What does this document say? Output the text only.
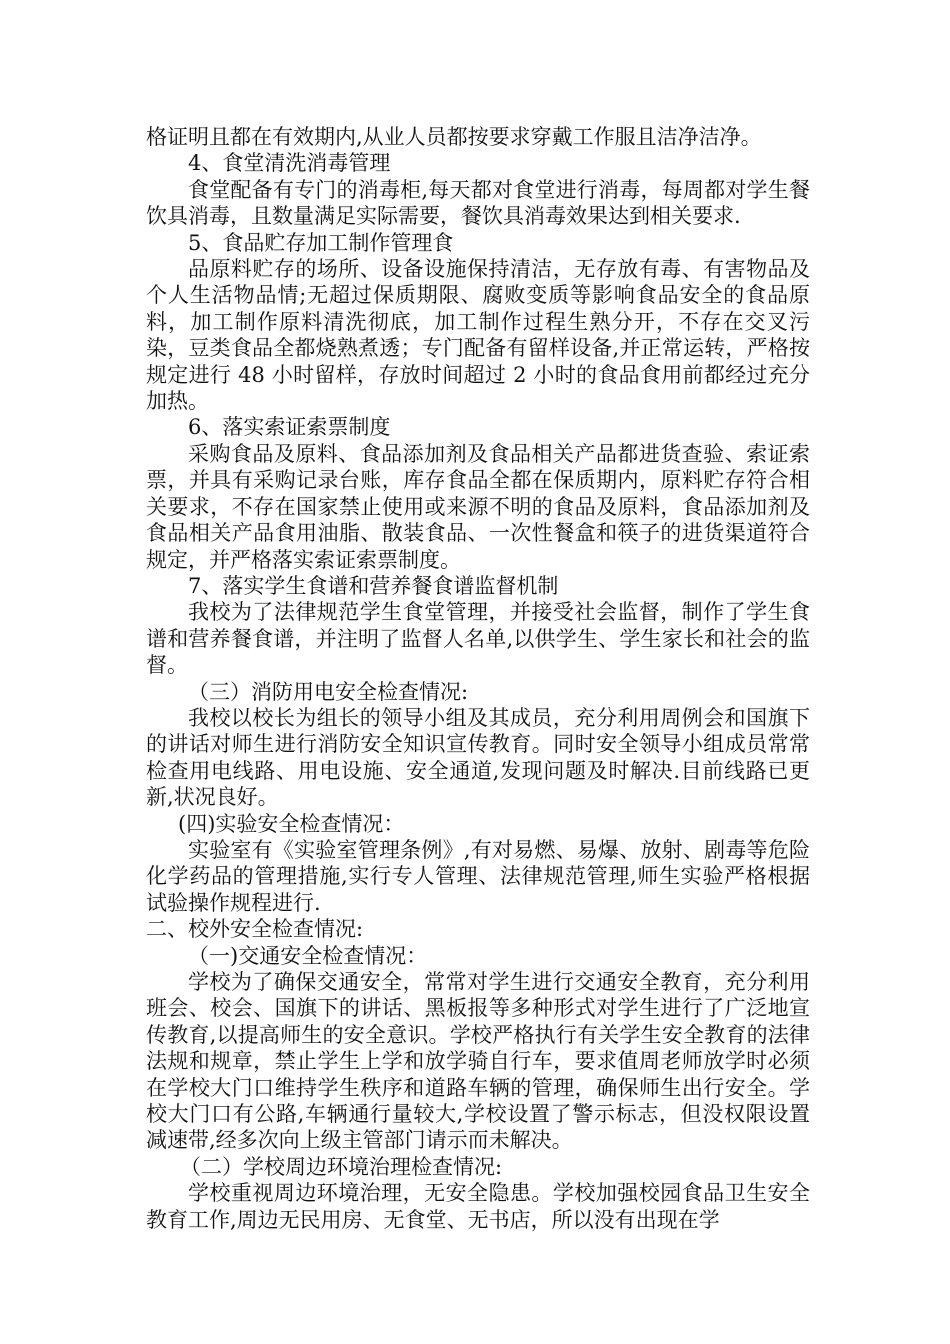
格证明且都在有效期内,从业人员都按要求穿戴工作服且洁净洁净。

4、食堂清洗消毒管理

食堂配备有专门的消毒柜,每天都对食堂进行消毒，每周都对学生餐饮具消毒，且数量满足实际需要，餐饮具消毒效果达到相关要求.

5、食品贮存加工制作管理食

品原料贮存的场所、设备设施保持清洁，无存放有毒、有害物品及个人生活物品情;无超过保质期限、腐败变质等影响食品安全的食品原料，加工制作原料清洗彻底，加工制作过程生熟分开，不存在交叉污染，豆类食品全都烧熟煮透；专门配备有留样设备,并正常运转，严格按规定进行 48 小时留样，存放时间超过 2 小时的食品食用前都经过充分加热。

6、落实索证索票制度

采购食品及原料、食品添加剂及食品相关产品都进货查验、索证索票，并具有采购记录台账，库存食品全都在保质期内，原料贮存符合相关要求，不存在国家禁止使用或来源不明的食品及原料，食品添加剂及食品相关产品食用油脂、散装食品、一次性餐盒和筷子的进货渠道符合规定，并严格落实索证索票制度。

7、落实学生食谱和营养餐食谱监督机制

我校为了法律规范学生食堂管理，并接受社会监督，制作了学生食谱和营养餐食谱，并注明了监督人名单,以供学生、学生家长和社会的监督。

（三）消防用电安全检查情况:

我校以校长为组长的领导小组及其成员，充分利用周例会和国旗下的讲话对师生进行消防安全知识宣传教育。同时安全领导小组成员常常检查用电线路、用电设施、安全通道,发现问题及时解决.目前线路已更新,状况良好。

(四)实验安全检查情况：

实验室有《实验室管理条例》,有对易燃、易爆、放射、剧毒等危险化学药品的管理措施,实行专人管理、法律规范管理,师生实验严格根据试验操作规程进行.

二、校外安全检查情况:

（一)交通安全检查情况：

学校为了确保交通安全，常常对学生进行交通安全教育，充分利用班会、校会、国旗下的讲话、黑板报等多种形式对学生进行了广泛地宣传教育,以提高师生的安全意识。学校严格执行有关学生安全教育的法律法规和规章，禁止学生上学和放学骑自行车，要求值周老师放学时必须在学校大门口维持学生秩序和道路车辆的管理，确保师生出行安全。学校大门口有公路,车辆通行量较大,学校设置了警示标志，但没权限设置减速带,经多次向上级主管部门请示而未解决。

（二）学校周边环境治理检查情况:

学校重视周边环境治理，无安全隐患。学校加强校园食品卫生安全教育工作,周边无民用房、无食堂、无书店，所以没有出现在学
